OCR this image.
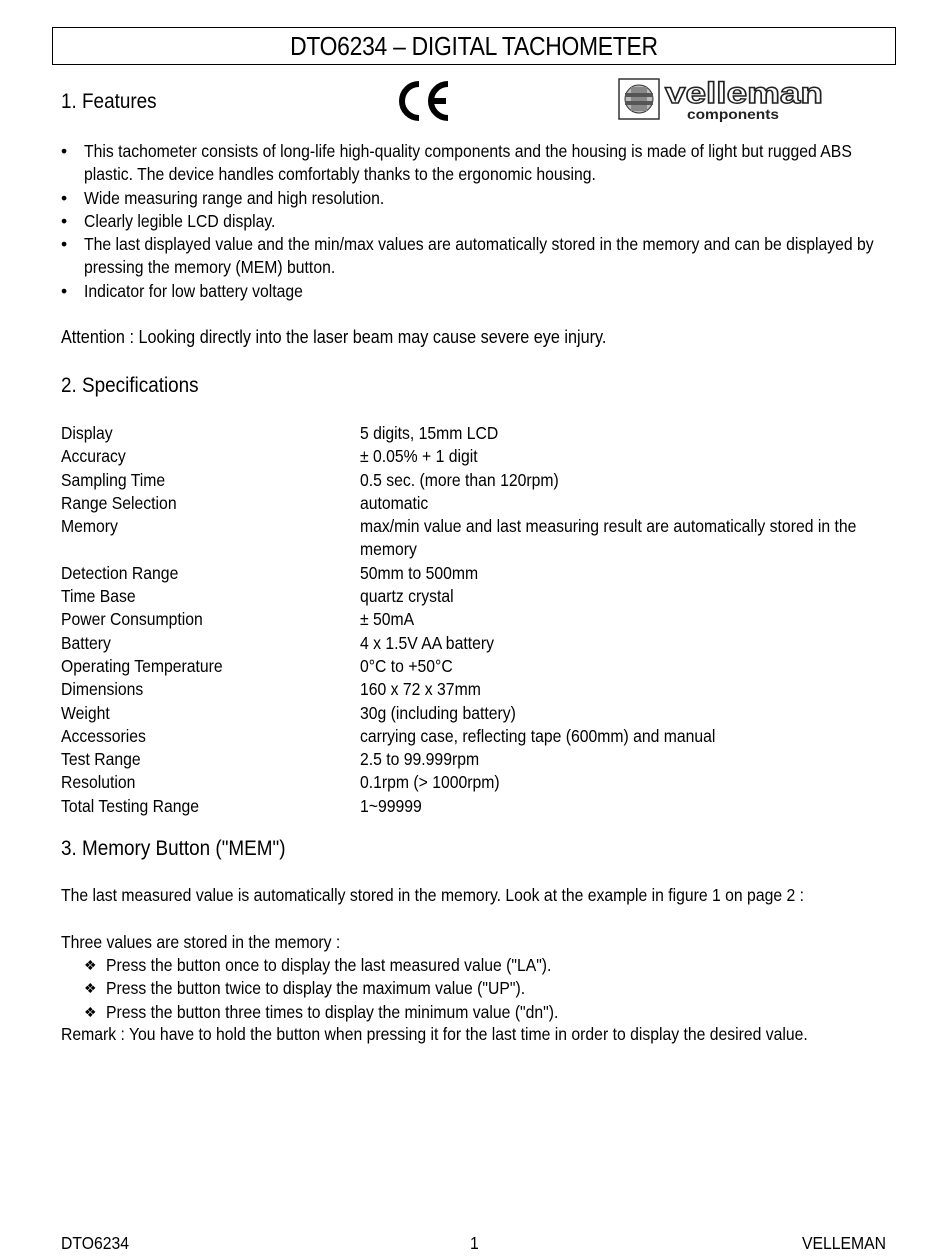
DTO6234 – DIGITAL TACHOMETER
1. Features	velleman
components
• This tachometer consists of long-life high-quality components and the housing is made of light but rugged ABS
plastic. The device handles comfortably thanks to the ergonomic housing.
• Wide measuring range and high resolution.
• Clearly legible LCD display.
• The last displayed value and the min/max values are automatically stored in the memory and can be displayed by
pressing the memory (MEM) button.
• Indicator for low battery voltage
Attention : Looking directly into the laser beam may cause severe eye injury.
2. Specifications
Display	5 digits, 15mm LCD
Accuracy	± 0.05% + 1 digit
Sampling Time	0.5 sec. (more than 120rpm)
Range Selection	automatic
Memory	max/min value and last measuring result are automatically stored in the
memory
Detection Range	50mm to 500mm
Time Base	quartz crystal
Power Consumption	± 50mA
Battery	4 x 1.5V AA battery
Operating Temperature	0°C to +50°C
Dimensions	160 x 72 x 37mm
Weight	30g (including battery)
Accessories	carrying case, reflecting tape (600mm) and manual
Test Range	2.5 to 99.999rpm
Resolution	0.1rpm (> 1000rpm)
Total Testing Range	1~99999
3. Memory Button ("MEM")
The last measured value is automatically stored in the memory. Look at the example in figure 1 on page 2 :
Three values are stored in the memory :
❖ Press the button once to display the last measured value ("LA").
❖ Press the button twice to display the maximum value ("UP").
❖ Press the button three times to display the minimum value ("dn").
Remark : You have to hold the button when pressing it for the last time in order to display the desired value.
DTO6234	1	VELLEMAN
